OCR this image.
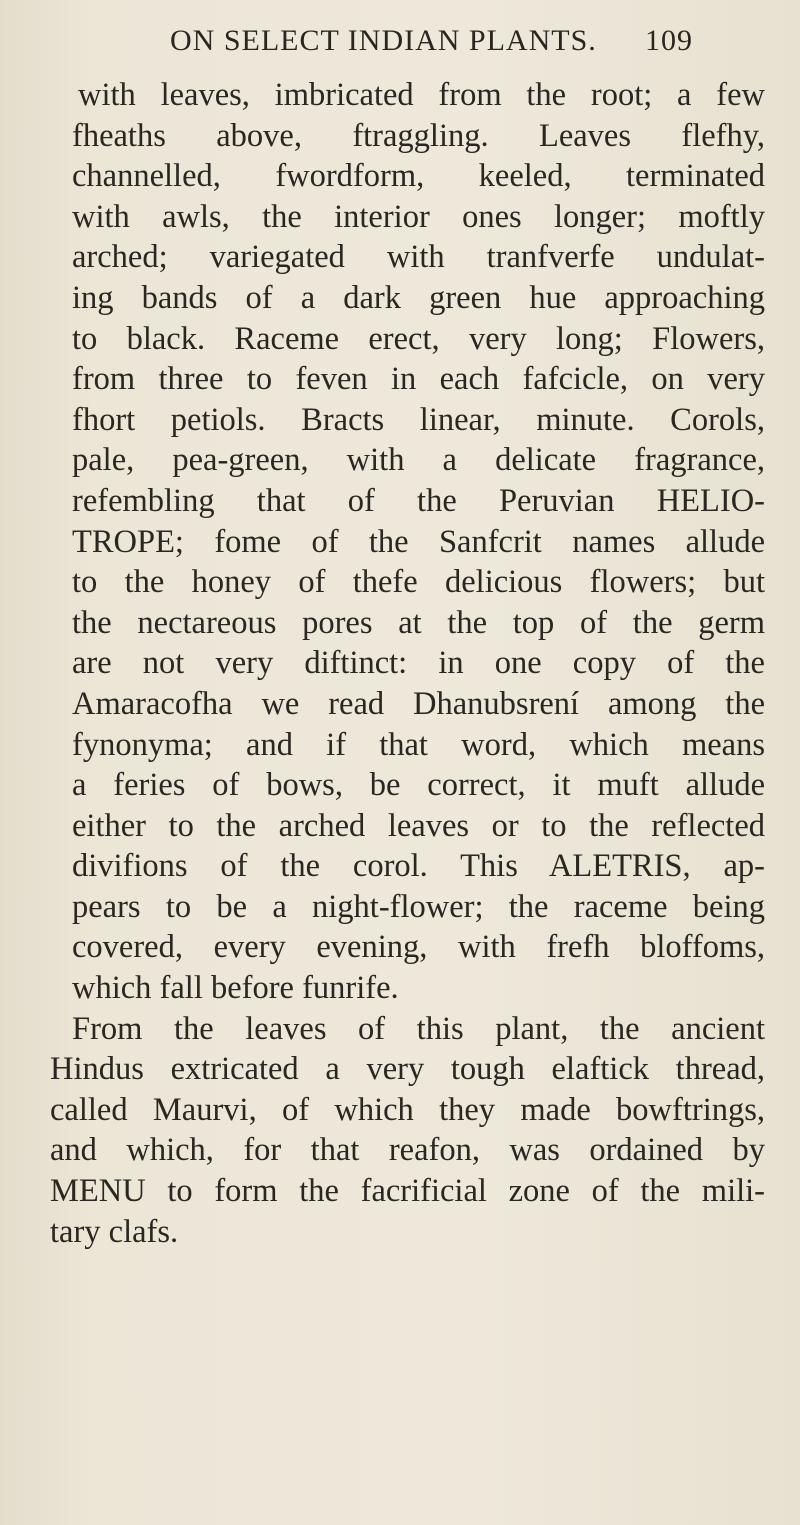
ON SELECT INDIAN PLANTS. 109
with leaves, imbricated from the root; a few
fheaths above, ftraggling. Leaves flefhy,
channelled, fwordform, keeled, terminated
with awls, the interior ones longer; moftly
arched; variegated with tranfverfe undulat-
ing bands of a dark green hue approaching
to black. Raceme erect, very long; Flowers,
from three to feven in each fafcicle, on very
fhort petiols. Bracts linear, minute. Corols,
pale, pea-green, with a delicate fragrance,
refembling that of the Peruvian HELIO-
TROPE; fome of the Sanfcrit names allude
to the honey of thefe delicious flowers; but
the nectareous pores at the top of the germ
are not very diftinct: in one copy of the
Amaracofha we read Dhanubsrení among the
fynonyma; and if that word, which means
a feries of bows, be correct, it muft allude
either to the arched leaves or to the reflected
divifions of the corol. This ALETRIS, ap-
pears to be a night-flower; the raceme being
covered, every evening, with frefh bloffoms,
which fall before funrife.
From the leaves of this plant, the ancient
Hindus extricated a very tough elaftick thread,
called Maurvi, of which they made bowftrings,
and which, for that reafon, was ordained by
MENU to form the facrificial zone of the mili-
tary clafs.
